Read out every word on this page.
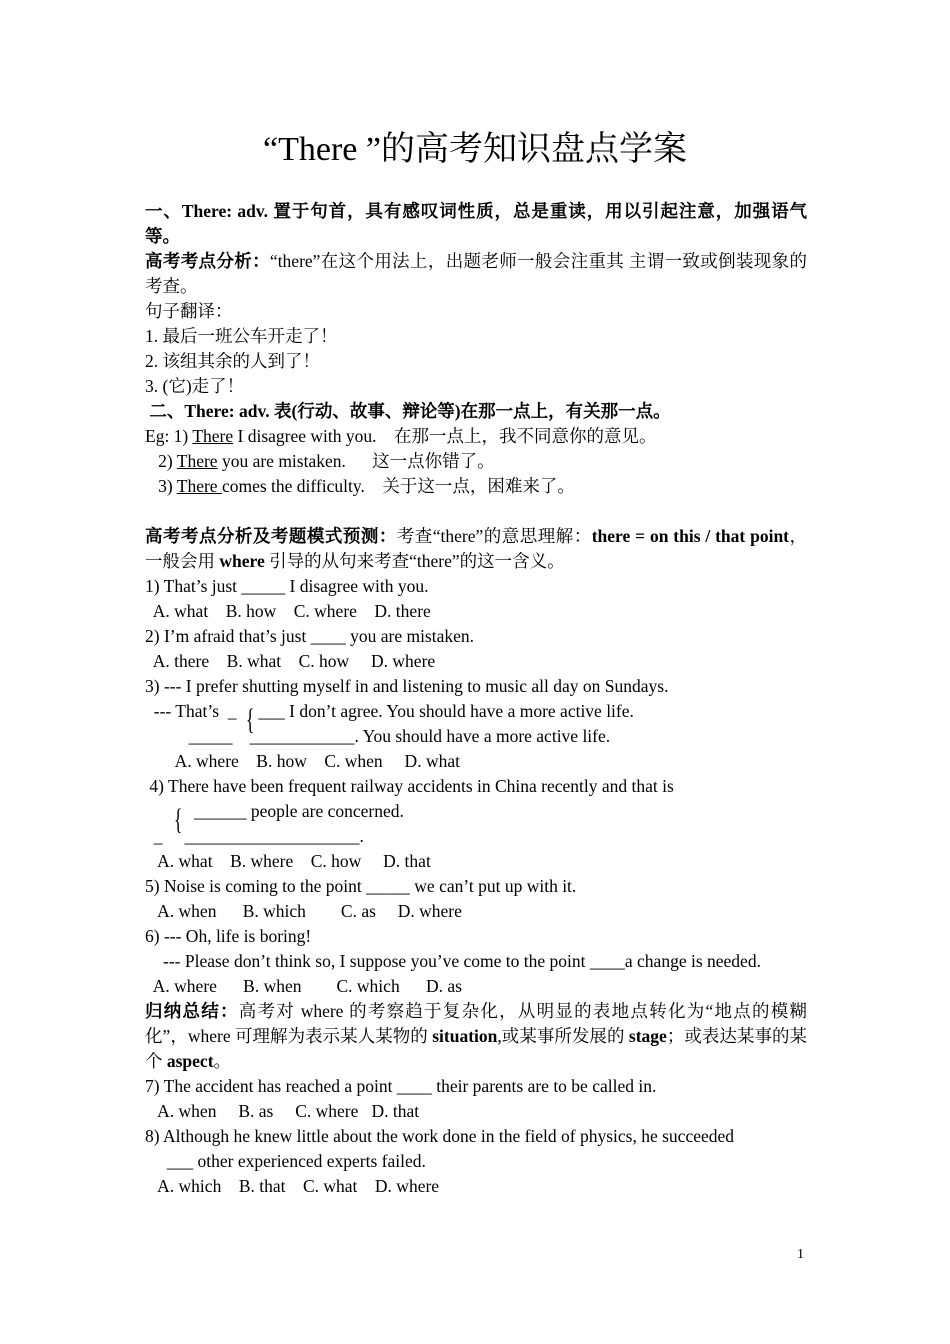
“There ”的高考知识盘点学案
一、There: adv. 置于句首，具有感叹词性质，总是重读，用以引起注意，加强语气等。
高考考点分析：“there”在这个用法上，出题老师一般会注重其 主谓一致或倒装现象的考查。
句子翻译：
1. 最后一班公车开走了！
2. 该组其余的人到了！
3. (它)走了！
二、There: adv. 表(行动、故事、辩论等)在那一点上，有关那一点。
Eg: 1) There I disagree with you.    在那一点上，我不同意你的意见。
2) There you are mistaken.      这一点你错了。
3) There comes the difficulty.    关于这一点，困难来了。
高考考点分析及考题模式预测：考查“there”的意思理解：there = on this / that point，一般会用 where 引导的从句来考查“there”的这一含义。
1) That’s just _____ I disagree with you.
A. what    B. how    C. where    D. there
2) I’m afraid that’s just ____ you are mistaken.
A. there    B. what    C. how     D. where
3) --- I prefer shutting myself in and listening to music all day on Sundays.
--- That’s  _ { ___ I don’t agree. You should have a more active life.
_____ ____________. You should have a more active life.
A. where    B. how    C. when     D. what
4) There have been frequent railway accidents in China recently and that is
{ ______ people are concerned.
_ ____________________.
A. what    B. where    C. how     D. that
5) Noise is coming to the point _____ we can’t put up with it.
A. when      B. which        C. as     D. where
6) --- Oh, life is boring!
--- Please don’t think so, I suppose you’ve come to the point ____a change is needed.
A. where      B. when        C. which      D. as
归纳总结：高考对 where 的考察趋于复杂化，从明显的表地点转化为“地点的模糊化”，where 可理解为表示某人某物的 situation,或某事所发展的 stage；或表达某事的某个 aspect。
7) The accident has reached a point ____ their parents are to be called in.
A. when     B. as     C. where   D. that
8) Although he knew little about the work done in the field of physics, he succeeded
___ other experienced experts failed.
A. which    B. that    C. what    D. where
1
